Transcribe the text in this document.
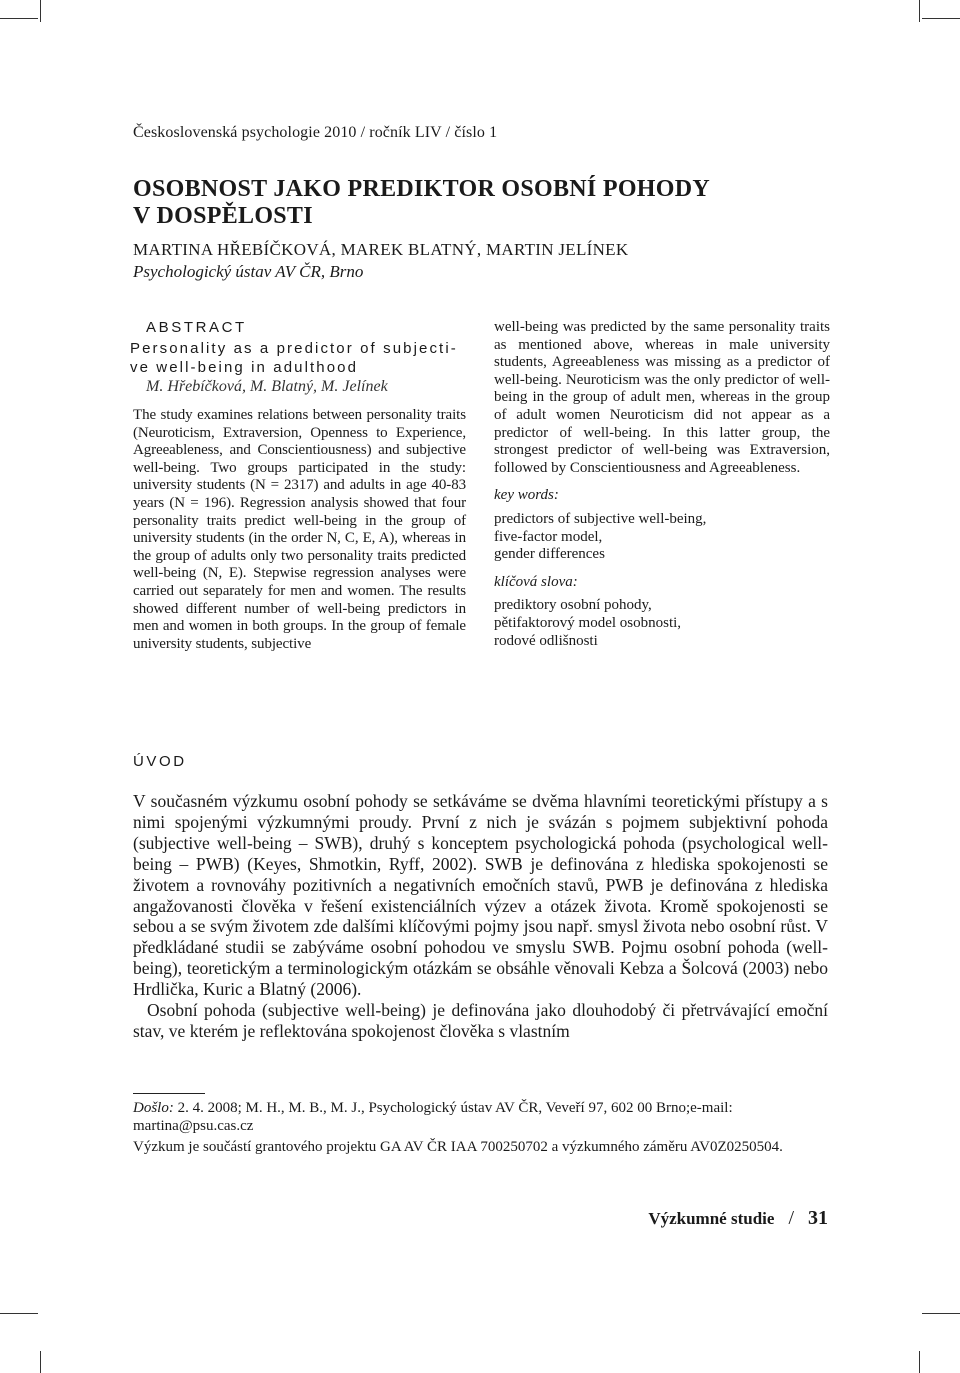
Československá psychologie 2010 / ročník LIV / číslo 1
OSOBNOST JAKO PREDIKTOR OSOBNÍ POHODY
V DOSPĚLOSTI
MARTINA HŘEBÍČKOVÁ, MAREK BLATNÝ, MARTIN JELÍNEK
Psychologický ústav AV ČR, Brno
ABSTRACT
Personality as a predictor of subjecti-
ve well-being in adulthood
M. Hřebíčková, M. Blatný, M. Jelínek
The study examines relations between personality traits (Neuroticism, Extraversion, Openness to Experience, Agreeableness, and Conscientiousness) and subjective well-being. Two groups participated in the study: university students (N = 2317) and adults in age 40-83 years (N = 196). Regression analysis showed that four personality traits predict well-being in the group of university students (in the order N, C, E, A), whereas in the group of adults only two personality traits predicted well-being (N, E). Stepwise regression analyses were carried out separately for men and women. The results showed different number of well-being predictors in men and women in both groups. In the group of female university students, subjective
well-being was predicted by the same personality traits as mentioned above, whereas in male university students, Agreeableness was missing as a predictor of well-being. Neuroticism was the only predictor of well-being in the group of adult men, whereas in the group of adult women Neuroticism did not appear as a predictor of well-being. In this latter group, the strongest predictor of well-being was Extraversion, followed by Conscientiousness and Agreeableness.
key words:
predictors of subjective well-being,
five-factor model,
gender differences
klíčová slova:
prediktory osobní pohody,
pětifaktorový model osobnosti,
rodové odlišnosti
ÚVOD

V současném výzkumu osobní pohody se setkáváme se dvěma hlavními teoretickými přístupy a s nimi spojenými výzkumnými proudy. První z nich je svázán s pojmem subjektivní pohoda (subjective well-being – SWB), druhý s konceptem psychologická pohoda (psychological well-being – PWB) (Keyes, Shmotkin, Ryff, 2002). SWB je definována z hlediska spokojenosti se životem a rovnováhy pozitivních a negativních emočních stavů, PWB je definována z hlediska angažovanosti člověka v řešení existenciálních výzev a otázek života. Kromě spokojenosti se sebou a se svým životem zde dalšími klíčovými pojmy jsou např. smysl života nebo osobní růst. V předkládané studii se zabýváme osobní pohodou ve smyslu SWB. Pojmu osobní pohoda (well-being), teoretickým a terminologickým otázkám se obsáhle věnovali Kebza a Šolcová (2003) nebo Hrdlička, Kuric a Blatný (2006).

Osobní pohoda (subjective well-being) je definována jako dlouhodobý či přetrvávající emoční stav, ve kterém je reflektována spokojenost člověka s vlastním

Došlo: 2. 4. 2008; M. H., M. B., M. J., Psychologický ústav AV ČR, Veveří 97, 602 00 Brno;e-mail: martina@psu.cas.cz

Výzkum je součástí grantového projektu GA AV ČR IAA 700250702 a výzkumného záměru AV0Z0250504.

Výzkumné studie / 31
